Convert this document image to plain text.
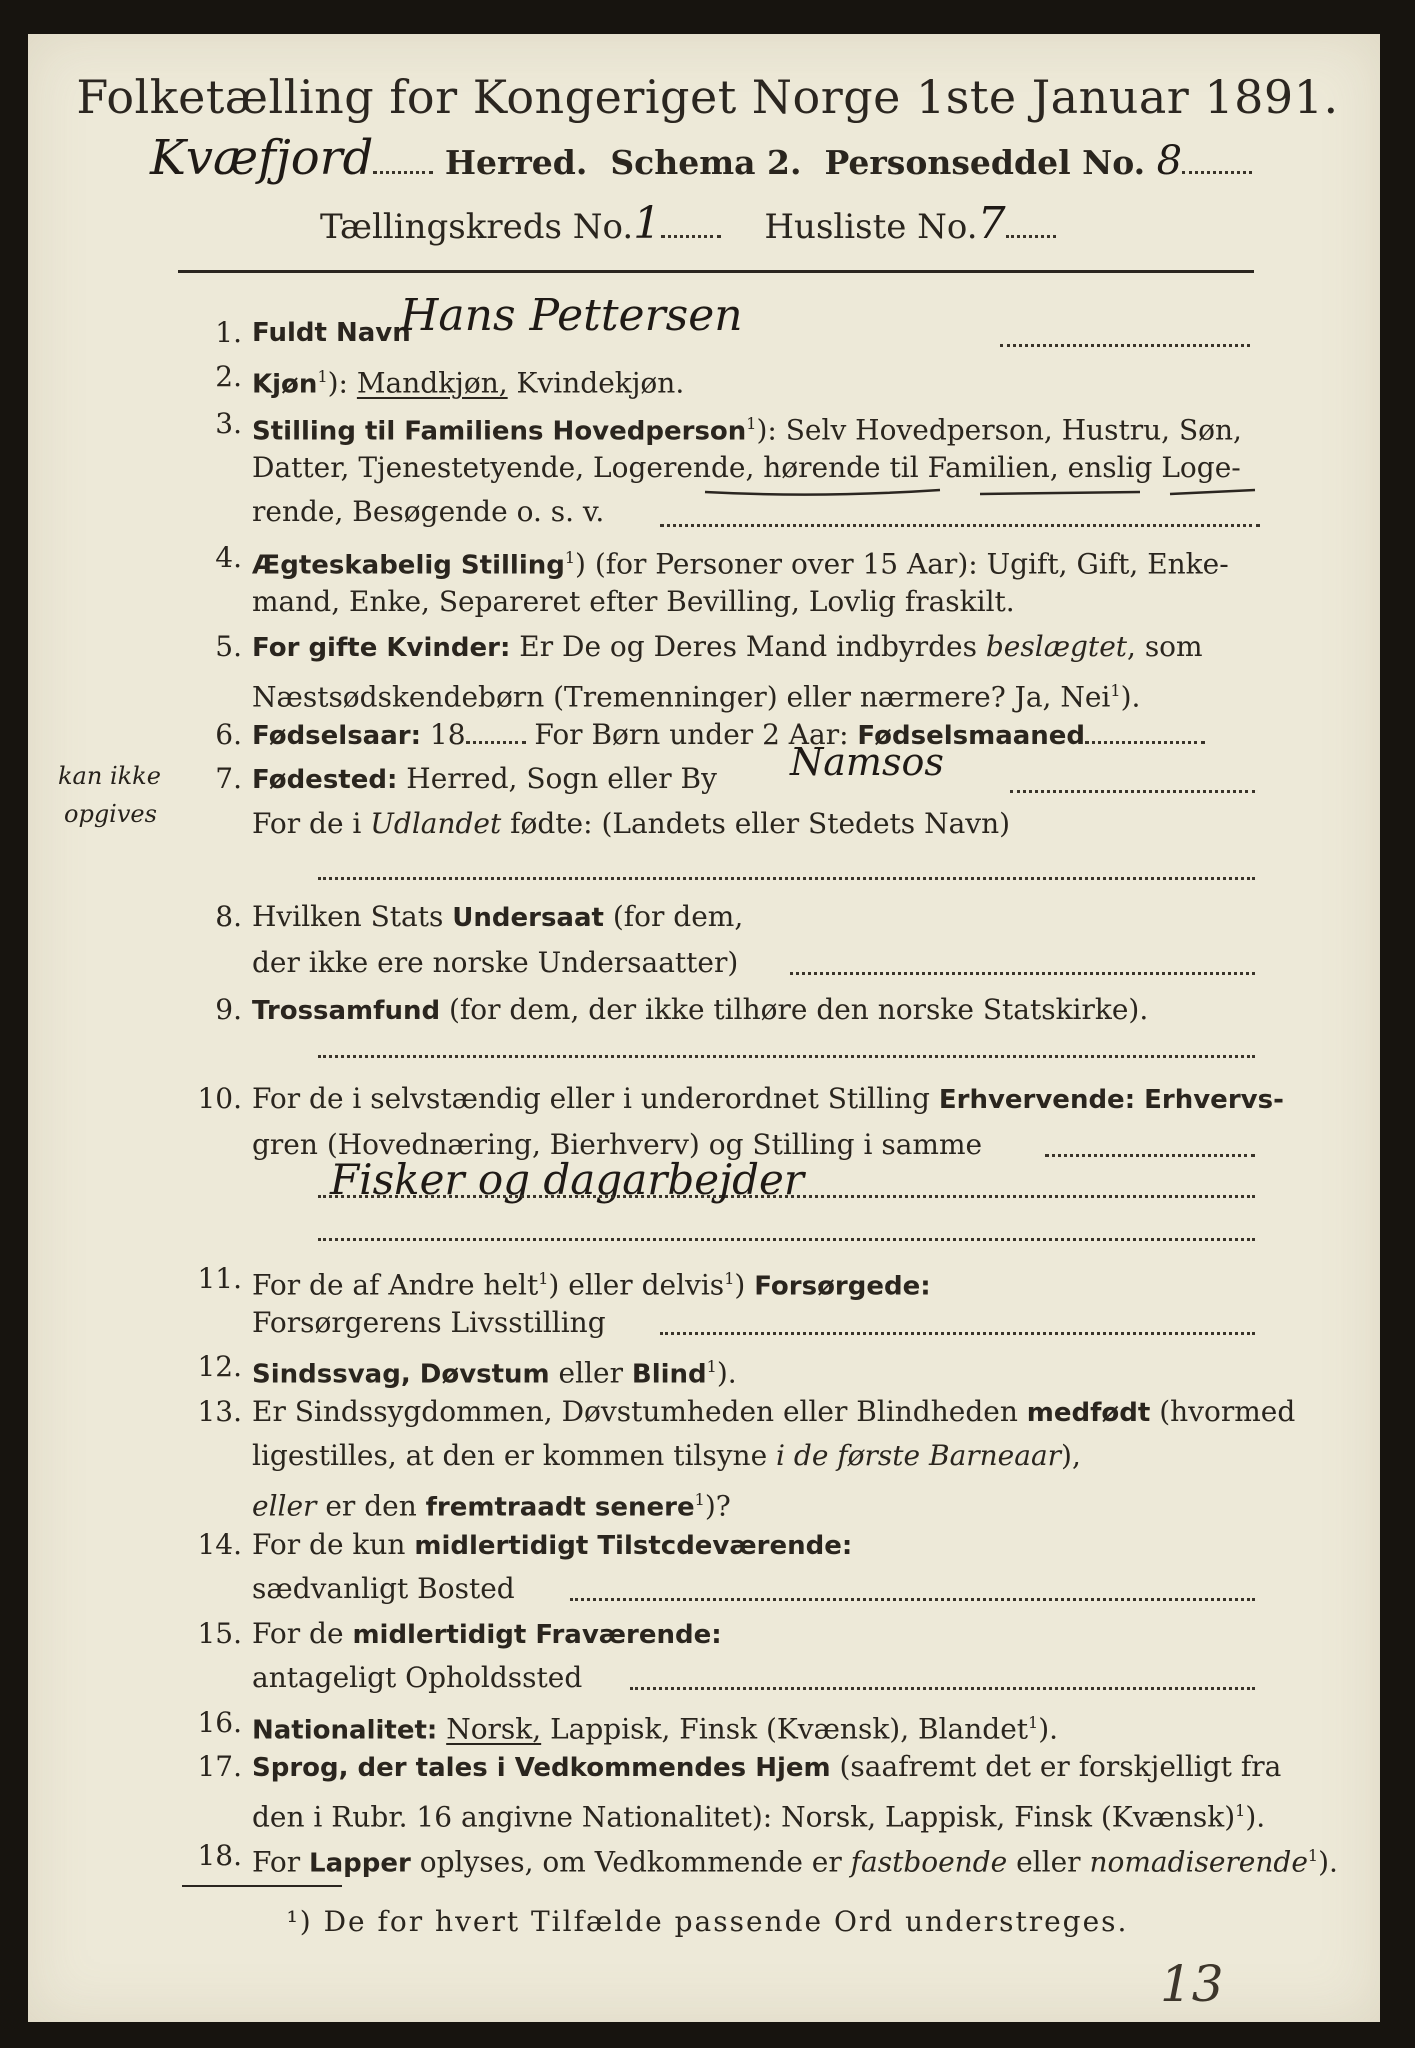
Folketælling for Kongeriget Norge 1ste Januar 1891.
Kvæfjord Herred. Schema 2. Personseddel No. 8
Tællingskreds No.1	Husliste No.7
1. Fuldt Navn
Hans Pettersen
2. Kjøn$^1$): Mandkjøn, Kvindekjøn.
3. Stilling til Familiens Hovedperson$^1$): Selv Hovedperson, Hustru, Søn,
Datter, Tjenestetyende, Logerende, hørende til Familien, enslig Loge-
rende, Besøgende o. s. v.
4. Ægteskabelig Stilling$^1$) (for Personer over 15 Aar): Ugift, Gift, Enke-
mand, Enke, Separeret efter Bevilling, Lovlig fraskilt.
5. For gifte Kvinder: Er De og Deres Mand indbyrdes beslægtet, som
Næstsødskendebørn (Tremenninger) eller nærmere? Ja, Nei$^1$).
6. Fødselsaar: 18 For Børn under 2 Aar: Fødselsmaaned
7. Fødested: Herred, Sogn eller By Namsos
For de i Udlandet fødte: (Landets eller Stedets Navn)
kan ikke
opgives
8. Hvilken Stats Undersaat (for dem,
der ikke ere norske Undersaatter)
9. Trossamfund (for dem, der ikke tilhøre den norske Statskirke).
10. For de i selvstændig eller i underordnet Stilling Erhvervende: Erhvervs-
gren (Hovednæring, Bierhverv) og Stilling i samme
Fisker og dagarbejder
11. For de af Andre helt$^1$) eller delvis$^1$) Forsørgede:
Forsørgerens Livsstilling
12. Sindssvag, Døvstum eller Blind$^1$).
13. Er Sindssygdommen, Døvstumheden eller Blindheden medfødt (hvormed
ligestilles, at den er kommen tilsyne i de første Barneaar),
eller er den fremtraadt senere$^1$)?
14. For de kun midlertidigt Tilstcdeværende:
sædvanligt Bosted
15. For de midlertidigt Fraværende:
antageligt Opholdssted
16. Nationalitet: Norsk, Lappisk, Finsk (Kvænsk), Blandet$^1$).
17. Sprog, der tales i Vedkommendes Hjem (saafremt det er forskjelligt fra
den i Rubr. 16 angivne Nationalitet): Norsk, Lappisk, Finsk (Kvænsk)$^1$).
18. For Lapper oplyses, om Vedkommende er fastboende eller nomadiserende$^1$).
¹) De for hvert Tilfælde passende Ord understreges.
13
